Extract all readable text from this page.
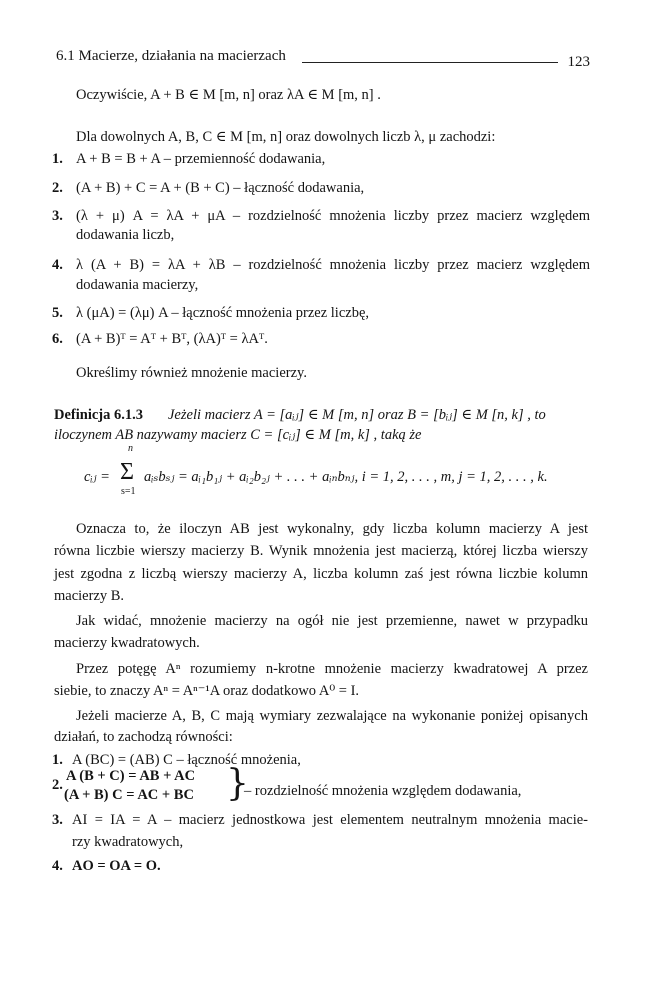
6.1 Macierze, działania na macierzach	123
Oczywiście, A + B ∈ M [m, n] oraz λA ∈ M [m, n] .
Dla dowolnych A, B, C ∈ M [m, n] oraz dowolnych liczb λ, μ zachodzi:
1. A + B = B + A – przemienność dodawania,
2. (A + B) + C = A + (B + C) – łączność dodawania,
3. (λ + μ) A = λA + μA – rozdzielność mnożenia liczby przez macierz względem
dodawania liczb,
4. λ (A + B) = λA + λB – rozdzielność mnożenia liczby przez macierz względem
dodawania macierzy,
5. λ (μA) = (λμ) A – łączność mnożenia przez liczbę,
6. (A + B)ᵀ = Aᵀ + Bᵀ, (λA)ᵀ = λAᵀ.
Określimy również mnożenie macierzy.
Definicja 6.1.3 Jeżeli macierz A = [aᵢⱼ] ∈ M [m, n] oraz B = [bᵢⱼ] ∈ M [n, k] , to
iloczynem AB nazywamy macierz C = [cᵢⱼ] ∈ M [m, k] , taką że
cᵢⱼ =
n
Σ
s=1
aᵢₛbₛⱼ = aᵢ₁b₁ⱼ + aᵢ₂b₂ⱼ + . . . + aᵢₙbₙⱼ, i = 1, 2, . . . , m, j = 1, 2, . . . , k.
Oznacza to, że iloczyn AB jest wykonalny, gdy liczba kolumn macierzy A jest
równa liczbie wierszy macierzy B. Wynik mnożenia jest macierzą, której liczba wierszy
jest zgodna z liczbą wierszy macierzy A, liczba kolumn zaś jest równa liczbie kolumn
macierzy B.
Jak widać, mnożenie macierzy na ogół nie jest przemienne, nawet w przypadku
macierzy kwadratowych.
Przez potęgę Aⁿ rozumiemy n-krotne mnożenie macierzy kwadratowej A przez
siebie, to znaczy Aⁿ = Aⁿ⁻¹A oraz dodatkowo A⁰ = I.
Jeżeli macierze A, B, C mają wymiary zezwalające na wykonanie poniżej opisanych
działań, to zachodzą równości:
1. A (BC) = (AB) C – łączność mnożenia,
2.
A (B + C) = AB + AC
(A + B) C = AC + BC }
– rozdzielność mnożenia względem dodawania,
3. AI = IA = A – macierz jednostkowa jest elementem neutralnym mnożenia macie-
rzy kwadratowych,
4. AO = OA = O.
